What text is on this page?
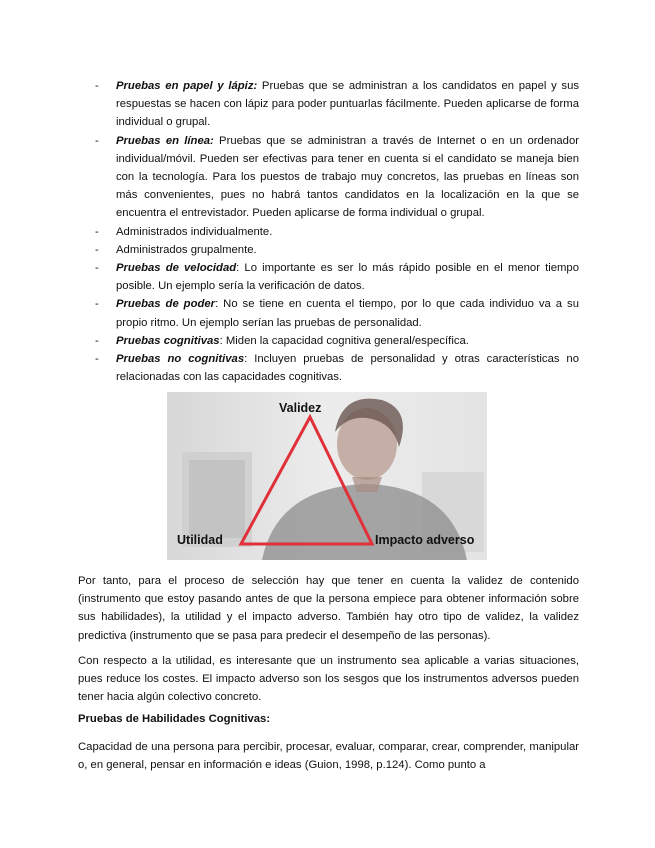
- Pruebas en papel y lápiz: Pruebas que se administran a los candidatos en papel y sus respuestas se hacen con lápiz para poder puntuarlas fácilmente. Pueden aplicarse de forma individual o grupal.
- Pruebas en línea: Pruebas que se administran a través de Internet o en un ordenador individual/móvil. Pueden ser efectivas para tener en cuenta si el candidato se maneja bien con la tecnología. Para los puestos de trabajo muy concretos, las pruebas en líneas son más convenientes, pues no habrá tantos candidatos en la localización en la que se encuentra el entrevistador. Pueden aplicarse de forma individual o grupal.
- Administrados individualmente.
- Administrados grupalmente.
- Pruebas de velocidad: Lo importante es ser lo más rápido posible en el menor tiempo posible. Un ejemplo sería la verificación de datos.
- Pruebas de poder: No se tiene en cuenta el tiempo, por lo que cada individuo va a su propio ritmo. Un ejemplo serían las pruebas de personalidad.
- Pruebas cognitivas: Miden la capacidad cognitiva general/específica.
- Pruebas no cognitivas: Incluyen pruebas de personalidad y otras características no relacionadas con las capacidades cognitivas.
Validez
Utilidad	Impacto adverso

Por tanto, para el proceso de selección hay que tener en cuenta la validez de contenido (instrumento que estoy pasando antes de que la persona empiece para obtener información sobre sus habilidades), la utilidad y el impacto adverso. También hay otro tipo de validez, la validez predictiva (instrumento que se pasa para predecir el desempeño de las personas).

Con respecto a la utilidad, es interesante que un instrumento sea aplicable a varias situaciones, pues reduce los costes. El impacto adverso son los sesgos que los instrumentos adversos pueden tener hacia algún colectivo concreto.

Pruebas de Habilidades Cognitivas:

Capacidad de una persona para percibir, procesar, evaluar, comparar, crear, comprender, manipular o, en general, pensar en información e ideas (Guion, 1998, p.124). Como punto a
